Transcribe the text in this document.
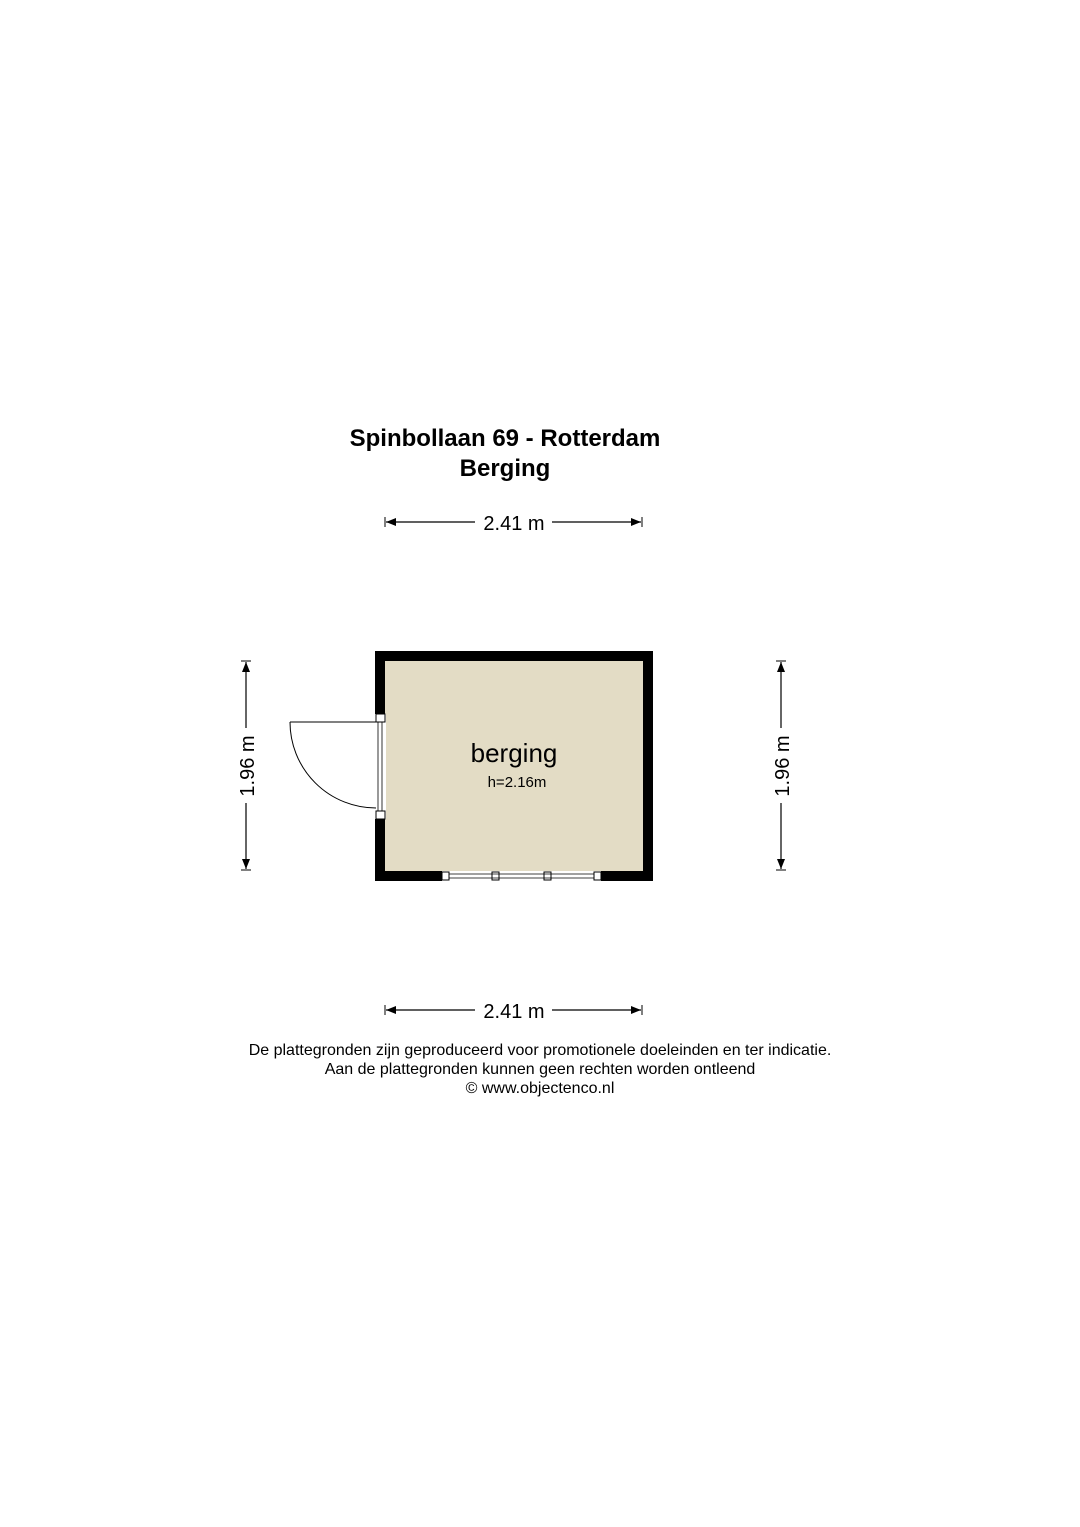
Spinbollaan 69 - Rotterdam
Berging
2.41 m
2.41 m
1.96 m	1.96 m
berging
h=2.16m
De plattegronden zijn geproduceerd voor promotionele doeleinden en ter indicatie.
Aan de plattegronden kunnen geen rechten worden ontleend
© www.objectenco.nl
